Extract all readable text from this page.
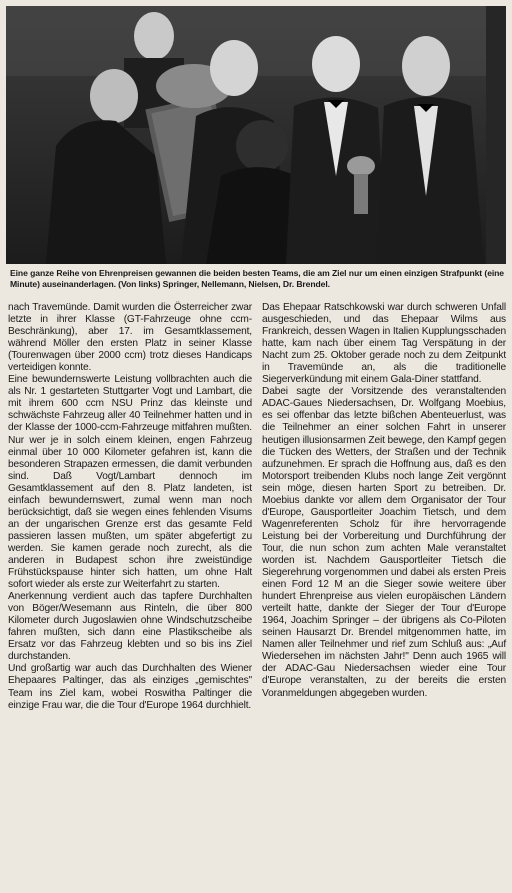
Eine ganze Reihe von Ehrenpreisen gewannen die beiden besten Teams, die am Ziel nur um einen einzigen Strafpunkt (eine Minute) auseinanderlagen. (Von links) Springer, Nellemann, Nielsen, Dr. Brendel.

nach Travemünde. Damit wurden die Österreicher zwar letzte in ihrer Klasse (GT-Fahrzeuge ohne ccm-Beschränkung), aber 17. im Gesamtklassement, während Möller den ersten Platz in seiner Klasse (Tourenwagen über 2000 ccm) trotz dieses Handicaps verteidigen konnte.

Eine bewundernswerte Leistung vollbrachten auch die als Nr. 1 gestarteten Stuttgarter Vogt und Lambart, die mit ihrem 600 ccm NSU Prinz das kleinste und schwächste Fahrzeug aller 40 Teilnehmer hatten und in der Klasse der 1000-ccm-Fahrzeuge mitfahren mußten. Nur wer je in solch einem kleinen, engen Fahrzeug einmal über 10 000 Kilometer gefahren ist, kann die besonderen Strapazen ermessen, die damit verbunden sind. Daß Vogt/Lambart dennoch im Gesamtklassement auf den 8. Platz landeten, ist einfach bewundernswert, zumal wenn man noch berücksichtigt, daß sie wegen eines fehlenden Visums an der ungarischen Grenze erst das gesamte Feld passieren lassen mußten, um später abgefertigt zu werden. Sie kamen gerade noch zurecht, als die anderen in Budapest schon ihre zweistündige Frühstückspause hinter sich hatten, um ohne Halt sofort wieder als erste zur Weiterfahrt zu starten.

Anerkennung verdient auch das tapfere Durchhalten von Böger/Wesemann aus Rinteln, die über 800 Kilometer durch Jugoslawien ohne Windschutzscheibe fahren mußten, sich dann eine Plastikscheibe als Ersatz vor das Fahrzeug klebten und so bis ins Ziel durchstanden.

Und großartig war auch das Durchhalten des Wiener Ehepaares Paltinger, das als einziges „gemischtes" Team ins Ziel kam, wobei Roswitha Paltinger die einzige Frau war, die die Tour d'Europe 1964 durchhielt.

Das Ehepaar Ratschkowski war durch schweren Unfall ausgeschieden, und das Ehepaar Wilms aus Frankreich, dessen Wagen in Italien Kupplungsschaden hatte, kam nach über einem Tag Verspätung in der Nacht zum 25. Oktober gerade noch zu dem Zeitpunkt in Travemünde an, als die traditionelle Siegerverkündung mit einem Gala-Diner stattfand.

Dabei sagte der Vorsitzende des veranstaltenden ADAC-Gaues Niedersachsen, Dr. Wolfgang Moebius, es sei offenbar das letzte bißchen Abenteuerlust, was die Teilnehmer an einer solchen Fahrt in unserer heutigen illusionsarmen Zeit bewege, den Kampf gegen die Tücken des Wetters, der Straßen und der Technik aufzunehmen. Er sprach die Hoffnung aus, daß es den Motorsport treibenden Klubs noch lange Zeit vergönnt sein möge, diesen harten Sport zu betreiben. Dr. Moebius dankte vor allem dem Organisator der Tour d'Europe, Gausportleiter Joachim Tietsch, und dem Wagenreferenten Scholz für ihre hervorragende Leistung bei der Vorbereitung und Durchführung der Tour, die nun schon zum achten Male veranstaltet worden ist. Nachdem Gausportleiter Tietsch die Siegerehrung vorgenommen und dabei als ersten Preis einen Ford 12 M an die Sieger sowie weitere über hundert Ehrenpreise aus vielen europäischen Ländern verteilt hatte, dankte der Sieger der Tour d'Europe 1964, Joachim Springer – der übrigens als Co-Piloten seinen Hausarzt Dr. Brendel mitgenommen hatte, im Namen aller Teilnehmer und rief zum Schluß aus: „Auf Wiedersehen im nächsten Jahr!" Denn auch 1965 will der ADAC-Gau Niedersachsen wieder eine Tour d'Europe veranstalten, zu der bereits die ersten Voranmeldungen abgegeben wurden.
